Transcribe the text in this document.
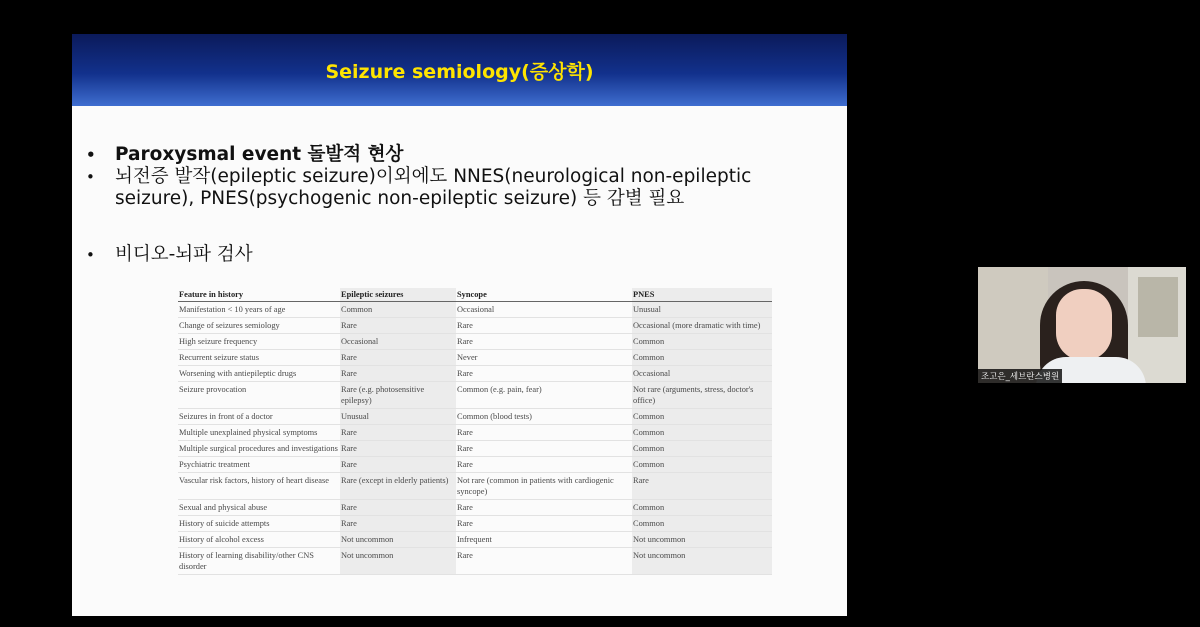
Seizure semiology(증상학)
•	Paroxysmal event 돌발적 현상
•	뇌전증 발작(epileptic seizure)이외에도 NNES(neurological non-epileptic seizure), PNES(psychogenic non-epileptic seizure) 등 감별 필요
•	비디오-뇌파 검사
Feature in history	Epileptic seizures	Syncope	PNES
Manifestation < 10 years of age	Common	Occasional	Unusual
Change of seizures semiology	Rare	Rare	Occasional (more dramatic with time)
High seizure frequency	Occasional	Rare	Common
Recurrent seizure status	Rare	Never	Common
Worsening with antiepileptic drugs	Rare	Rare	Occasional
Seizure provocation	Rare (e.g. photosensitive epilepsy)	Common (e.g. pain, fear)	Not rare (arguments, stress, doctor's office)
Seizures in front of a doctor	Unusual	Common (blood tests)	Common
Multiple unexplained physical symptoms	Rare	Rare	Common
Multiple surgical procedures and investigations	Rare	Rare	Common
Psychiatric treatment	Rare	Rare	Common
Vascular risk factors, history of heart disease	Rare (except in elderly patients)	Not rare (common in patients with cardiogenic syncope)	Rare
Sexual and physical abuse	Rare	Rare	Common
History of suicide attempts	Rare	Rare	Common
History of alcohol excess	Not uncommon	Infrequent	Not uncommon
History of learning disability/other CNS disorder	Not uncommon	Rare	Not uncommon
조고은_세브란스병원
